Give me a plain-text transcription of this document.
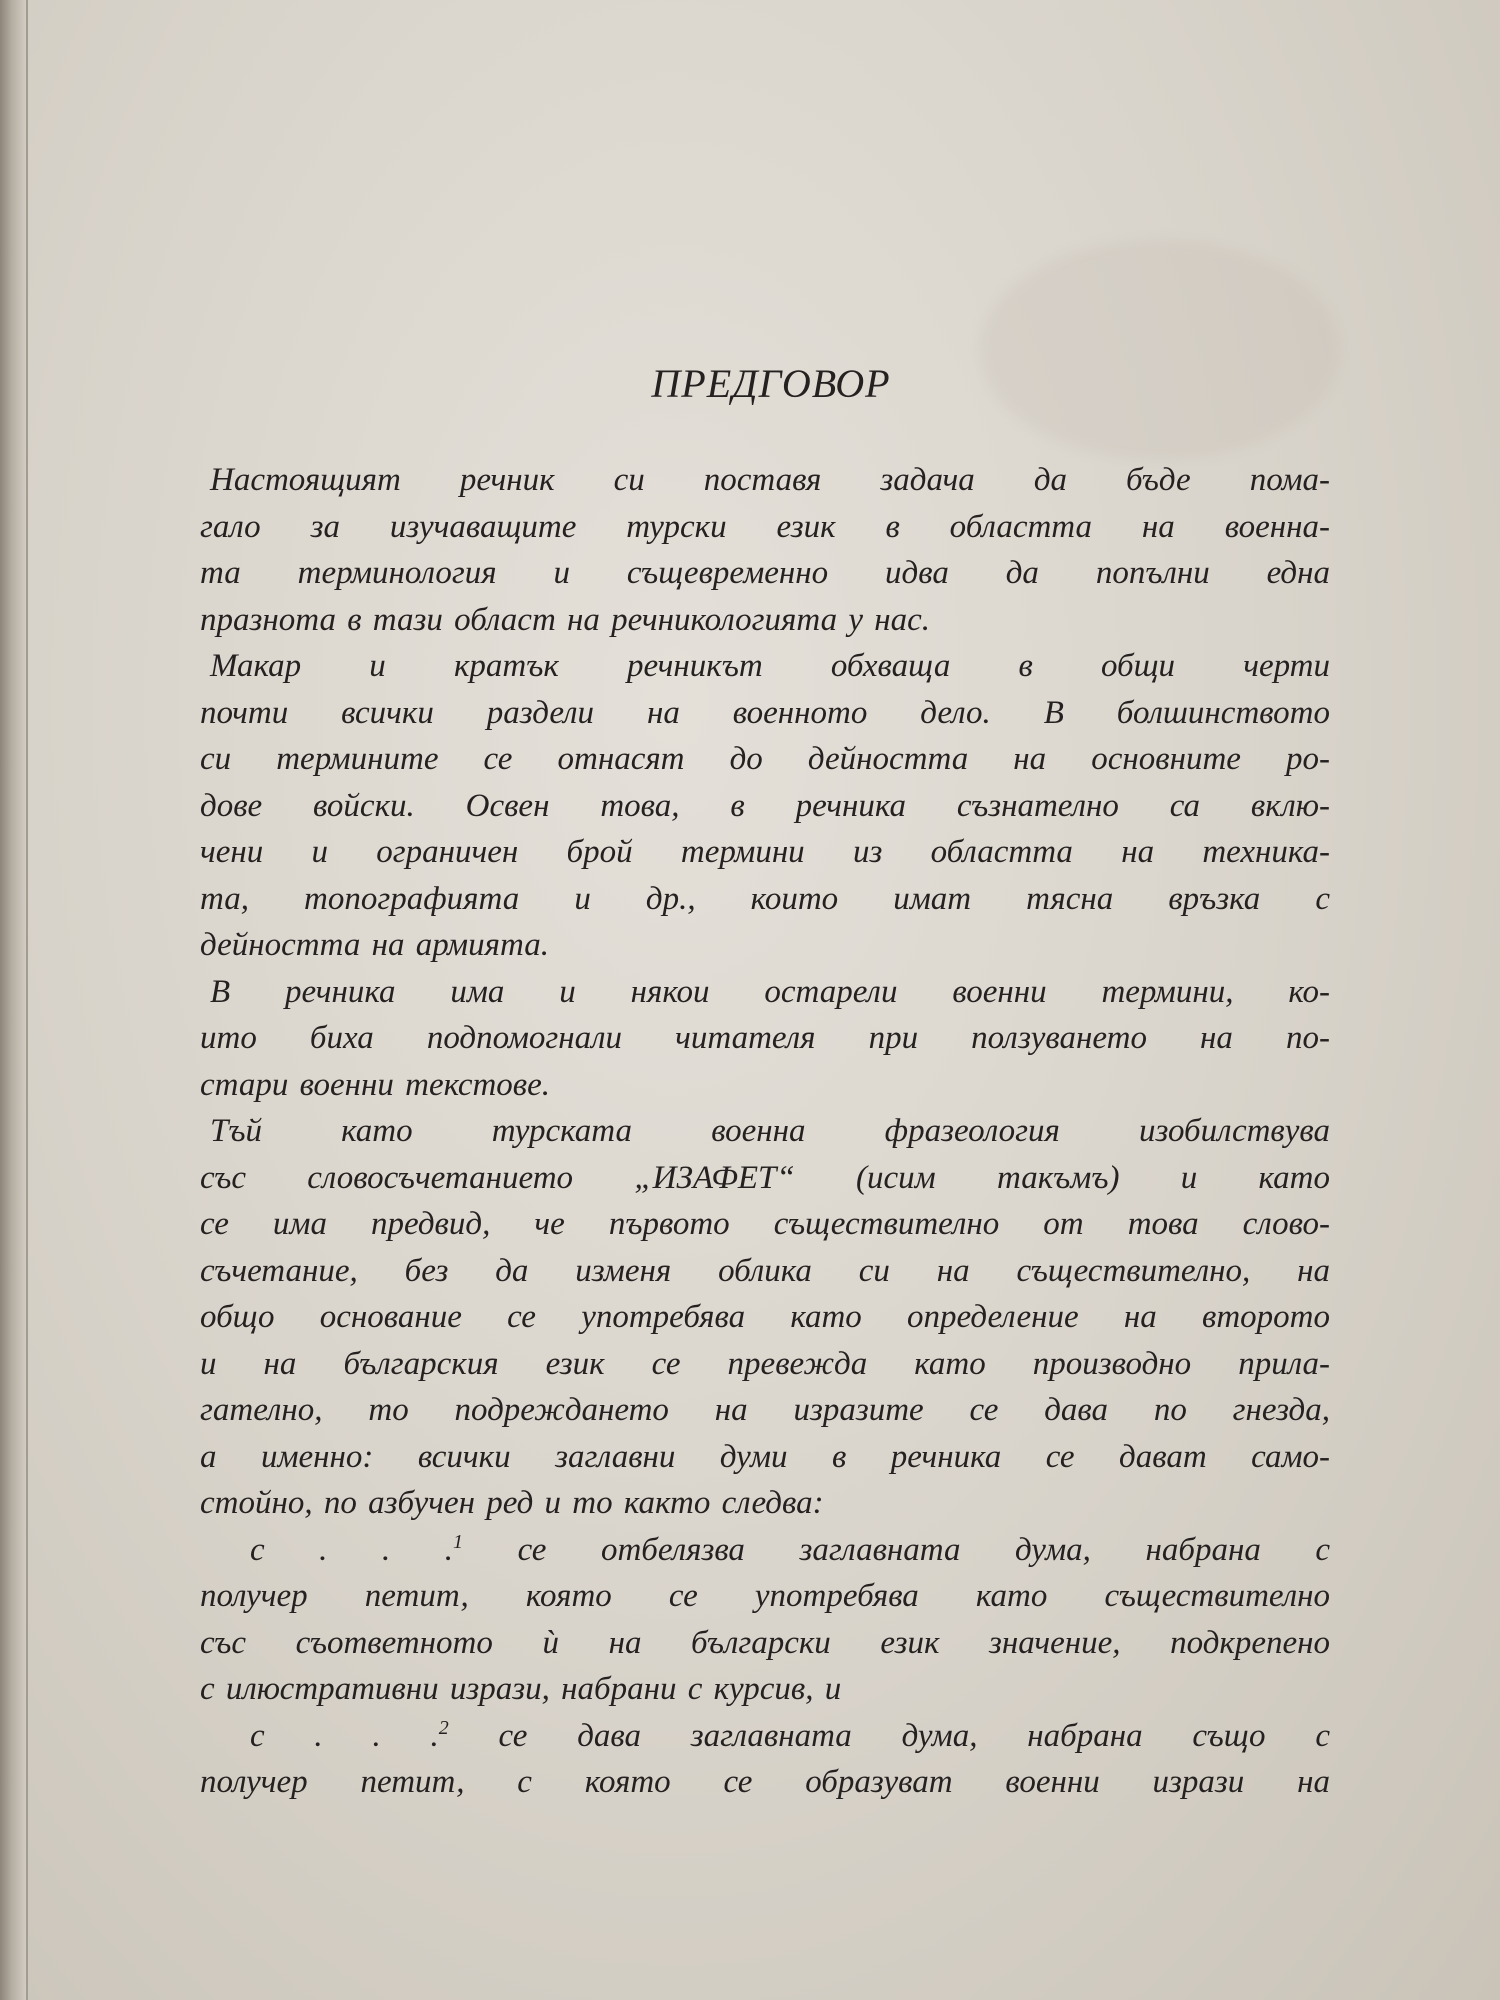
ПРЕДГОВОР
Настоящият речник си поставя задача да бъде пома-
гало за изучаващите турски език в областта на военна-
та терминология и същевременно идва да попълни една
празнота в тази област на речникологията у нас.
Макар и кратък речникът обхваща в общи черти
почти всички раздели на военното дело. В болшинството
си термините се отнасят до дейността на основните ро-
дове войски. Освен това, в речника съзнателно са вклю-
чени и ограничен брой термини из областта на техника-
та, топографията и др., които имат тясна връзка с
дейността на армията.
В речника има и някои остарели военни термини, ко-
ито биха подпомогнали читателя при ползуването на по-
стари военни текстове.
Тъй като турската военна фразеология изобилствува
със словосъчетанието „ИЗАФЕТ“ (исим такъмъ) и като
се има предвид, че първото съществително от това слово-
съчетание, без да изменя облика си на съществително, на
общо основание се употребява като определение на второто
и на българския език се превежда като производно прила-
гателно, то подреждането на изразите се дава по гнезда,
а именно: всички заглавни думи в речника се дават само-
стойно, по азбучен ред и то както следва:
с . . .$^1$ се отбелязва заглавната дума, набрана с
получер петит, която се употребява като съществително
със съответното ѝ на български език значение, подкрепено
с илюстративни изрази, набрани с курсив, и
с . . .$^2$ се дава заглавната дума, набрана също с
получер петит, с която се образуват военни изрази на
